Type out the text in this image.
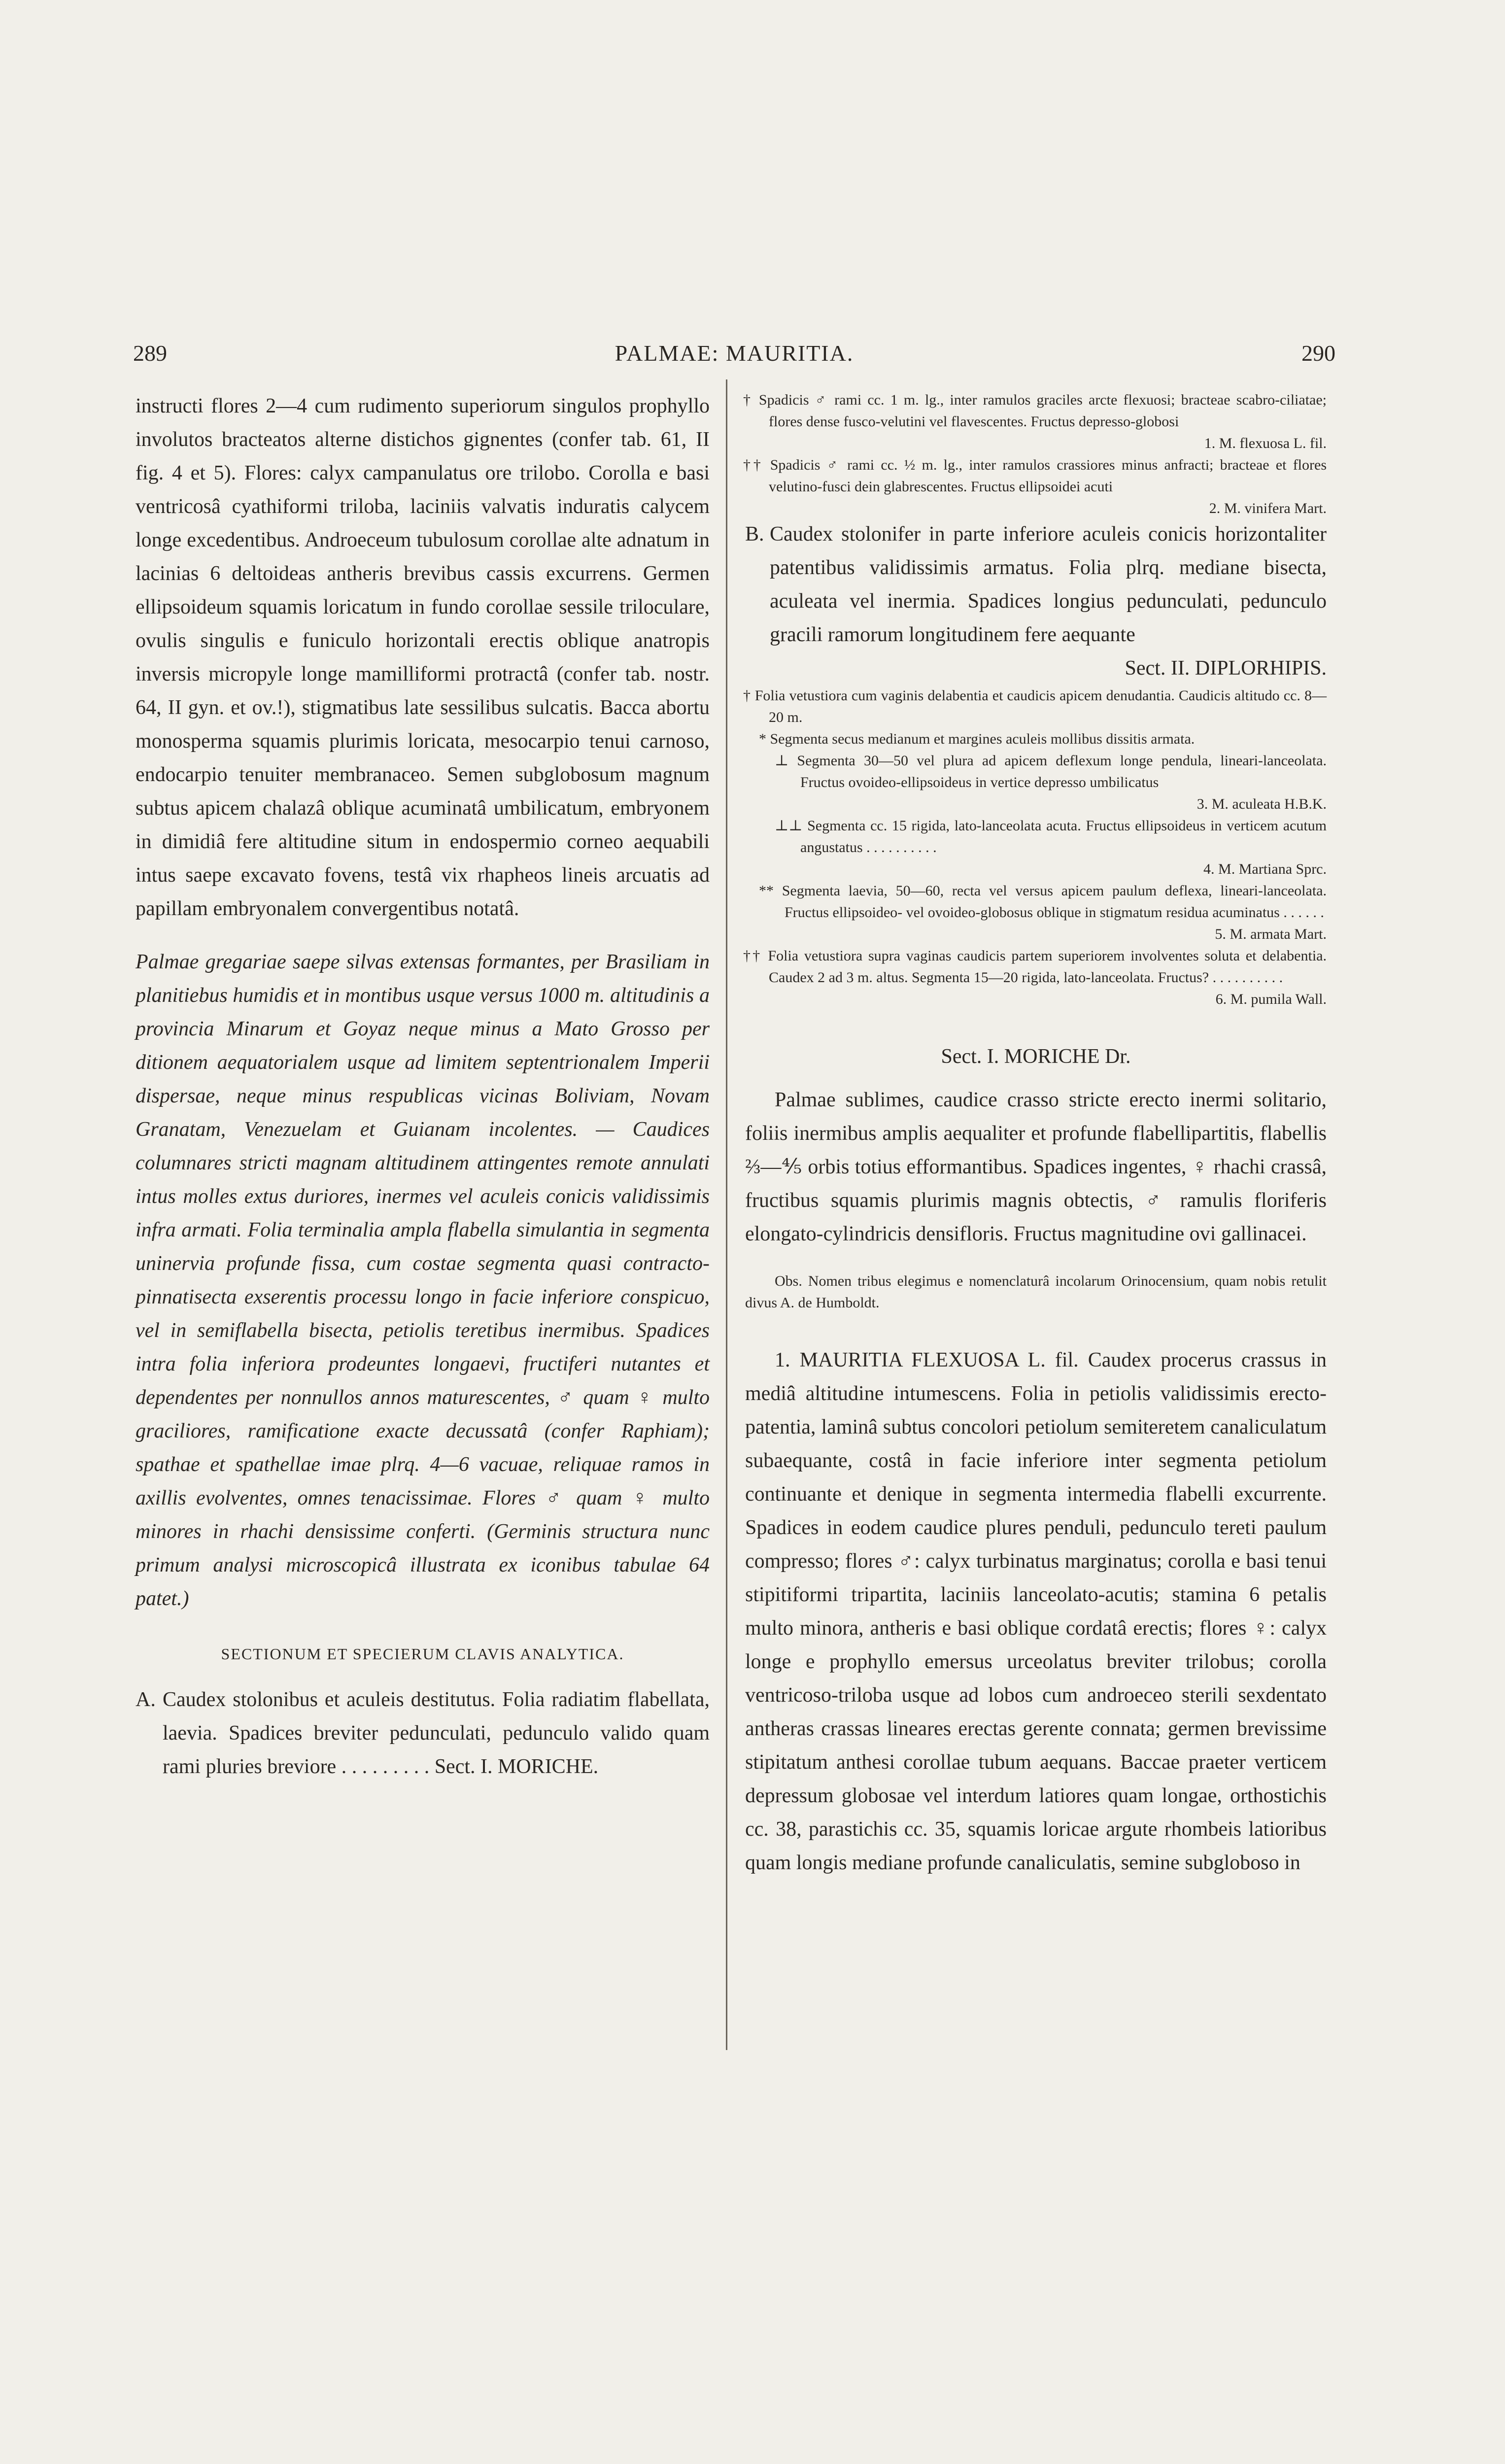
289	PALMAE: MAURITIA.	290

instructi flores 2—4 cum rudimento superiorum singulos prophyllo involutos bracteatos alterne distichos gignentes (confer tab. 61, II fig. 4 et 5). Flores: calyx campanulatus ore trilobo. Corolla e basi ventricosâ cyathiformi triloba, laciniis valvatis induratis calycem longe excedentibus. Androeceum tubulosum corollae alte adnatum in lacinias 6 deltoideas antheris brevibus cassis excurrens. Germen ellipsoideum squamis loricatum in fundo corollae sessile triloculare, ovulis singulis e funiculo horizontali erectis oblique anatropis inversis micropyle longe mamilliformi protractâ (confer tab. nostr. 64, II gyn. et ov.!), stigmatibus late sessilibus sulcatis. Bacca abortu monosperma squamis plurimis loricata, mesocarpio tenui carnoso, endocarpio tenuiter membranaceo. Semen subglobosum magnum subtus apicem chalazâ oblique acuminatâ umbilicatum, embryonem in dimidiâ fere altitudine situm in endospermio corneo aequabili intus saepe excavato fovens, testâ vix rhapheos lineis arcuatis ad papillam embryonalem convergentibus notatâ.

Palmae gregariae saepe silvas extensas formantes, per Brasiliam in planitiebus humidis et in montibus usque versus 1000 m. altitudinis a provincia Minarum et Goyaz neque minus a Mato Grosso per ditionem aequatorialem usque ad limitem septentrionalem Imperii dispersae, neque minus respublicas vicinas Boliviam, Novam Granatam, Venezuelam et Guianam incolentes. — Caudices columnares stricti magnam altitudinem attingentes remote annulati intus molles extus duriores, inermes vel aculeis conicis validissimis infra armati. Folia terminalia ampla flabella simulantia in segmenta uninervia profunde fissa, cum costae segmenta quasi contracto-pinnatisecta exserentis processu longo in facie inferiore conspicuo, vel in semiflabella bisecta, petiolis teretibus inermibus. Spadices intra folia inferiora prodeuntes longaevi, fructiferi nutantes et dependentes per nonnullos annos maturescentes, ♂ quam ♀ multo graciliores, ramificatione exacte decussatâ (confer Raphiam); spathae et spathellae imae plrq. 4—6 vacuae, reliquae ramos in axillis evolventes, omnes tenacissimae. Flores ♂ quam ♀ multo minores in rhachi densissime conferti. (Germinis structura nunc primum analysi microscopicâ illustrata ex iconibus tabulae 64 patet.)

SECTIONUM ET SPECIERUM CLAVIS ANALYTICA.

A. Caudex stolonibus et aculeis destitutus. Folia radiatim flabellata, laevia. Spadices breviter pedunculati, pedunculo valido quam rami pluries breviore . . . . . . . . . Sect. I. MORICHE.
† Spadicis ♂ rami cc. 1 m. lg., inter ramulos graciles arcte flexuosi; bracteae scabro-ciliatae; flores dense fusco-velutini vel flavescentes. Fructus depresso-globosi
1. M. flexuosa L. fil.
†† Spadicis ♂ rami cc. ½ m. lg., inter ramulos crassiores minus anfracti; bracteae et flores velutino-fusci dein glabrescentes. Fructus ellipsoidei acuti
2. M. vinifera Mart.
B. Caudex stolonifer in parte inferiore aculeis conicis horizontaliter patentibus validissimis armatus. Folia plrq. mediane bisecta, aculeata vel inermia. Spadices longius pedunculati, pedunculo gracili ramorum longitudinem fere aequante
Sect. II. DIPLORHIPIS.
† Folia vetustiora cum vaginis delabentia et caudicis apicem denudantia. Caudicis altitudo cc. 8—20 m.
* Segmenta secus medianum et margines aculeis mollibus dissitis armata.
⊥ Segmenta 30—50 vel plura ad apicem deflexum longe pendula, lineari-lanceolata. Fructus ovoideo-ellipsoideus in vertice depresso umbilicatus
3. M. aculeata H.B.K.
⊥⊥ Segmenta cc. 15 rigida, lato-lanceolata acuta. Fructus ellipsoideus in verticem acutum angustatus . . . . . . . . . .
4. M. Martiana Sprc.
** Segmenta laevia, 50—60, recta vel versus apicem paulum deflexa, lineari-lanceolata. Fructus ellipsoideo- vel ovoideo-globosus oblique in stigmatum residua acuminatus . . . . . .
5. M. armata Mart.
†† Folia vetustiora supra vaginas caudicis partem superiorem involventes soluta et delabentia. Caudex 2 ad 3 m. altus. Segmenta 15—20 rigida, lato-lanceolata. Fructus? . . . . . . . . . .
6. M. pumila Wall.
Sect. I. MORICHE Dr.

Palmae sublimes, caudice crasso stricte erecto inermi solitario, foliis inermibus amplis aequaliter et profunde flabellipartitis, flabellis ⅔—⅘ orbis totius efformantibus. Spadices ingentes, ♀ rhachi crassâ, fructibus squamis plurimis magnis obtectis, ♂ ramulis floriferis elongato-cylindricis densifloris. Fructus magnitudine ovi gallinacei.

Obs. Nomen tribus elegimus e nomenclaturâ incolarum Orinocensium, quam nobis retulit divus A. de Humboldt.

1. MAURITIA FLEXUOSA L. fil. Caudex procerus crassus in mediâ altitudine intumescens. Folia in petiolis validissimis erecto-patentia, laminâ subtus concolori petiolum semiteretem canaliculatum subaequante, costâ in facie inferiore inter segmenta petiolum continuante et denique in segmenta intermedia flabelli excurrente. Spadices in eodem caudice plures penduli, pedunculo tereti paulum compresso; flores ♂: calyx turbinatus marginatus; corolla e basi tenui stipitiformi tripartita, laciniis lanceolato-acutis; stamina 6 petalis multo minora, antheris e basi oblique cordatâ erectis; flores ♀: calyx longe e prophyllo emersus urceolatus breviter trilobus; corolla ventricoso-triloba usque ad lobos cum androeceo sterili sexdentato antheras crassas lineares erectas gerente connata; germen brevissime stipitatum anthesi corollae tubum aequans. Baccae praeter verticem depressum globosae vel interdum latiores quam longae, orthostichis cc. 38, parastichis cc. 35, squamis loricae argute rhombeis latioribus quam longis mediane profunde canaliculatis, semine subgloboso in
